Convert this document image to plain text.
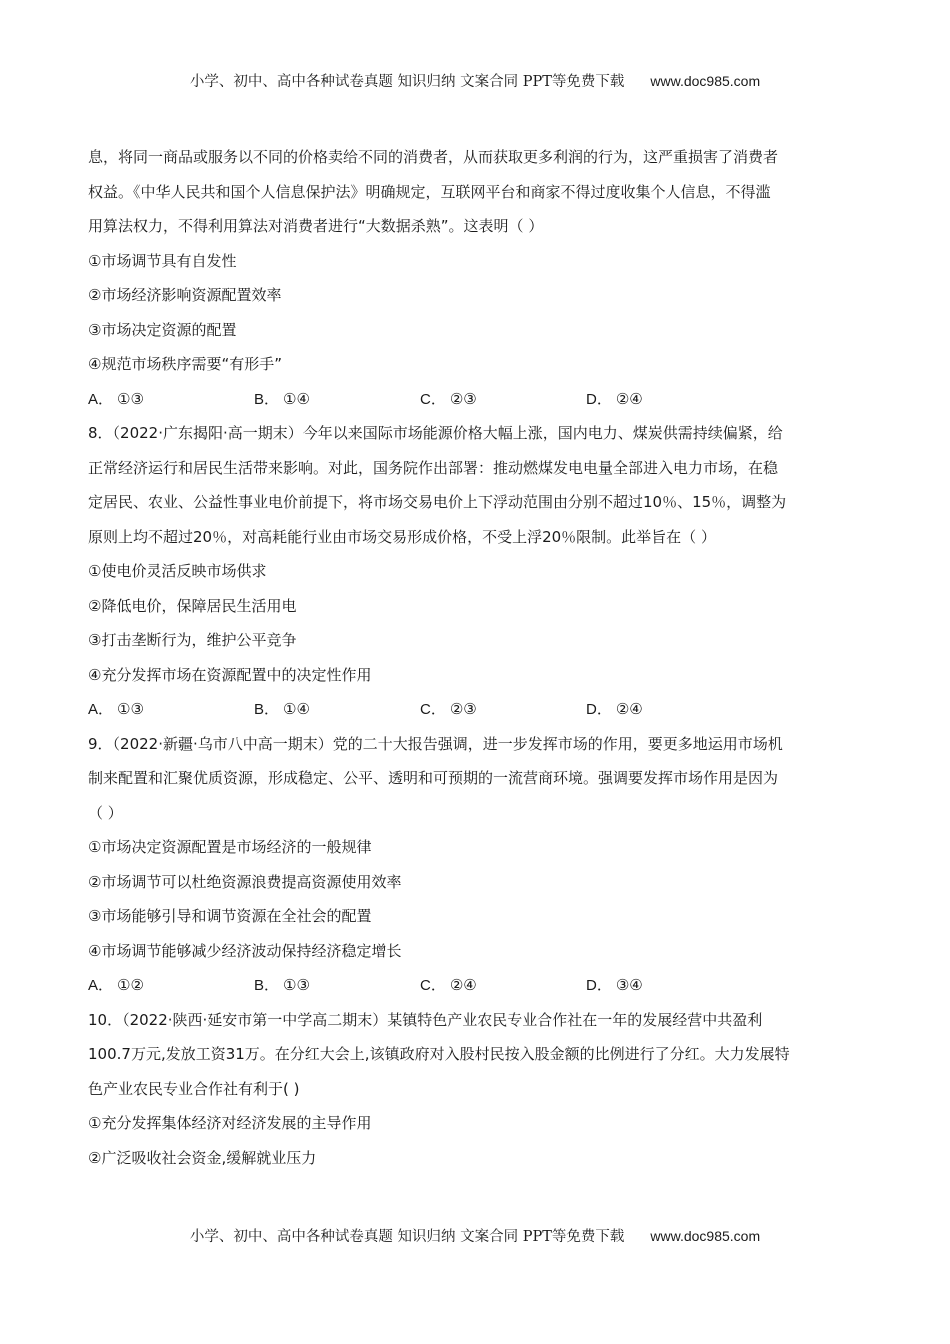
小学、初中、高中各种试卷真题 知识归纳 文案合同 PPT等免费下载 www.doc985.com
息，将同一商品或服务以不同的价格卖给不同的消费者，从而获取更多利润的行为，这严重损害了消费者
权益。《中华人民共和国个人信息保护法》明确规定，互联网平台和商家不得过度收集个人信息，不得滥
用算法权力，不得利用算法对消费者进行“大数据杀熟”。这表明（ ）
①市场调节具有自发性
②市场经济影响资源配置效率
③市场决定资源的配置
④规范市场秩序需要“有形手”
A． ①③	B． ①④	C． ②③	D． ②④
8．（2022·广东揭阳·高一期末）今年以来国际市场能源价格大幅上涨，国内电力、煤炭供需持续偏紧，给
正常经济运行和居民生活带来影响。对此，国务院作出部署：推动燃煤发电电量全部进入电力市场，在稳
定居民、农业、公益性事业电价前提下，将市场交易电价上下浮动范围由分别不超过10％、15％，调整为
原则上均不超过20％，对高耗能行业由市场交易形成价格，不受上浮20％限制。此举旨在（ ）
①使电价灵活反映市场供求
②降低电价，保障居民生活用电
③打击垄断行为，维护公平竞争
④充分发挥市场在资源配置中的决定性作用
A． ①③	B． ①④	C． ②③	D． ②④
9．（2022·新疆·乌市八中高一期末）党的二十大报告强调，进一步发挥市场的作用，要更多地运用市场机
制来配置和汇聚优质资源，形成稳定、公平、透明和可预期的一流营商环境。强调要发挥市场作用是因为
（ ）
①市场决定资源配置是市场经济的一般规律
②市场调节可以杜绝资源浪费提高资源使用效率
③市场能够引导和调节资源在全社会的配置
④市场调节能够减少经济波动保持经济稳定增长
A． ①②	B． ①③	C． ②④	D． ③④
10．（2022·陕西·延安市第一中学高二期末）某镇特色产业农民专业合作社在一年的发展经营中共盈利
100.7万元,发放工资31万。在分红大会上,该镇政府对入股村民按入股金额的比例进行了分红。大力发展特
色产业农民专业合作社有利于( )
①充分发挥集体经济对经济发展的主导作用
②广泛吸收社会资金,缓解就业压力
小学、初中、高中各种试卷真题 知识归纳 文案合同 PPT等免费下载 www.doc985.com
